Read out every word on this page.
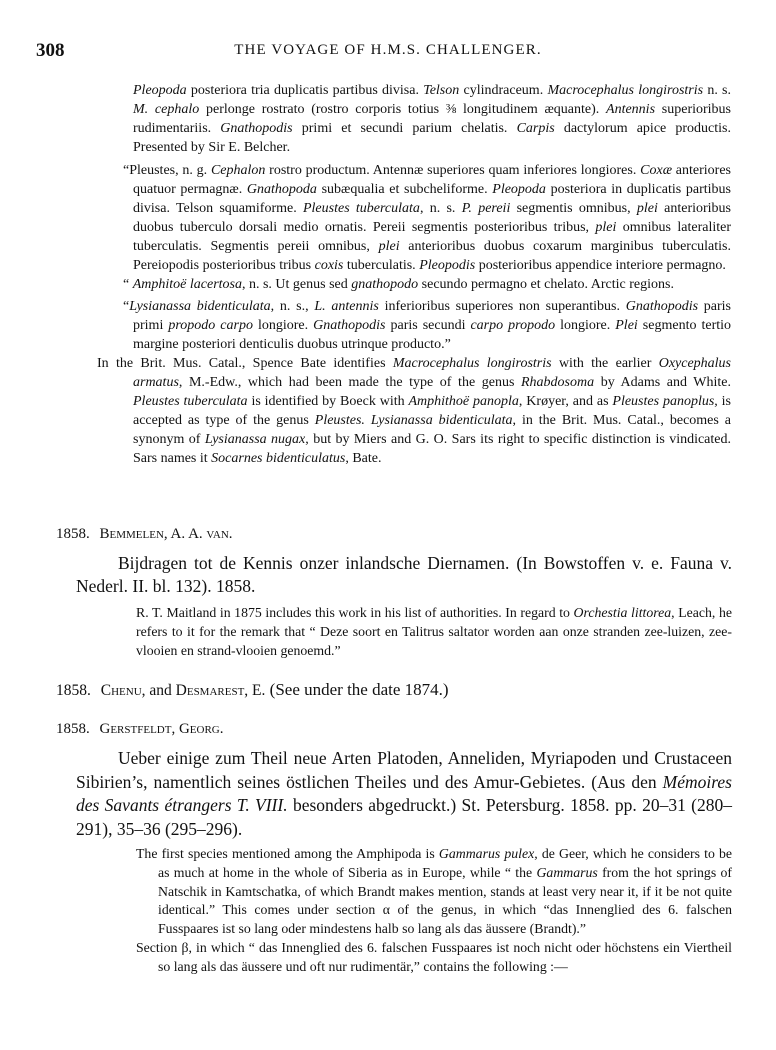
308	THE VOYAGE OF H.M.S. CHALLENGER.

Pleopoda posteriora tria duplicatis partibus divisa. Telson cylindraceum. Macrocephalus longirostris n. s. M. cephalo perlonge rostrato (rostro corporis totius ⅜ longitudinem æquante). Antennis superioribus rudimentariis. Gnathopodis primi et secundi parium chelatis. Carpis dactylorum apice productis. Presented by Sir E. Belcher.

“Pleustes, n. g. Cephalon rostro productum. Antennæ superiores quam inferiores longiores. Coxæ anteriores quatuor permagnæ. Gnathopoda subæqualia et subcheliforme. Pleopoda posteriora in duplicatis partibus divisa. Telson squamiforme. Pleustes tuberculata, n. s. P. pereii segmentis omnibus, plei anterioribus duobus tuberculo dorsali medio ornatis. Pereii segmentis posterioribus tribus, plei omnibus lateraliter tuberculatis. Segmentis pereii omnibus, plei anterioribus duobus coxarum marginibus tuberculatis. Pereiopodis posterioribus tribus coxis tuberculatis. Pleopodis posterioribus appendice interiore permagno.

“ Amphitoë lacertosa, n. s. Ut genus sed gnathopodo secundo permagno et chelato. Arctic regions.

“Lysianassa bidenticulata, n. s., L. antennis inferioribus superiores non superantibus. Gnathopodis paris primi propodo carpo longiore. Gnathopodis paris secundi carpo propodo longiore. Plei segmento tertio margine posteriori denticulis duobus utrinque producto.”

In the Brit. Mus. Catal., Spence Bate identifies Macrocephalus longirostris with the earlier Oxycephalus armatus, M.-Edw., which had been made the type of the genus Rhabdosoma by Adams and White. Pleustes tuberculata is identified by Boeck with Amphithoë panopla, Krøyer, and as Pleustes panoplus, is accepted as type of the genus Pleustes. Lysianassa bidenticulata, in the Brit. Mus. Catal., becomes a synonym of Lysianassa nugax, but by Miers and G. O. Sars its right to specific distinction is vindicated. Sars names it Socarnes bidenticulatus, Bate.

1858. Bemmelen, A. A. van.

Bijdragen tot de Kennis onzer inlandsche Diernamen. (In Bowstoffen v. e. Fauna v. Nederl. II. bl. 132). 1858.

R. T. Maitland in 1875 includes this work in his list of authorities. In regard to Orchestia littorea, Leach, he refers to it for the remark that “ Deze soort en Talitrus saltator worden aan onze stranden zee-luizen, zee-vlooien en strand-vlooien genoemd.”

1858. Chenu, and Desmarest, E. (See under the date 1874.)

1858. Gerstfeldt, Georg.

Ueber einige zum Theil neue Arten Platoden, Anneliden, Myriapoden und Crustaceen Sibirien’s, namentlich seines östlichen Theiles und des Amur-Gebietes. (Aus den Mémoires des Savants étrangers T. VIII. besonders abgedruckt.) St. Petersburg. 1858. pp. 20–31 (280–291), 35–36 (295–296).

The first species mentioned among the Amphipoda is Gammarus pulex, de Geer, which he considers to be as much at home in the whole of Siberia as in Europe, while “ the Gammarus from the hot springs of Natschik in Kamtschatka, of which Brandt makes mention, stands at least very near it, if it be not quite identical.” This comes under section α of the genus, in which “das Innenglied des 6. falschen Fusspaares ist so lang oder mindestens halb so lang als das äussere (Brandt).”

Section β, in which “ das Innenglied des 6. falschen Fusspaares ist noch nicht oder höchstens ein Viertheil so lang als das äussere und oft nur rudimentär,” contains the following :—
